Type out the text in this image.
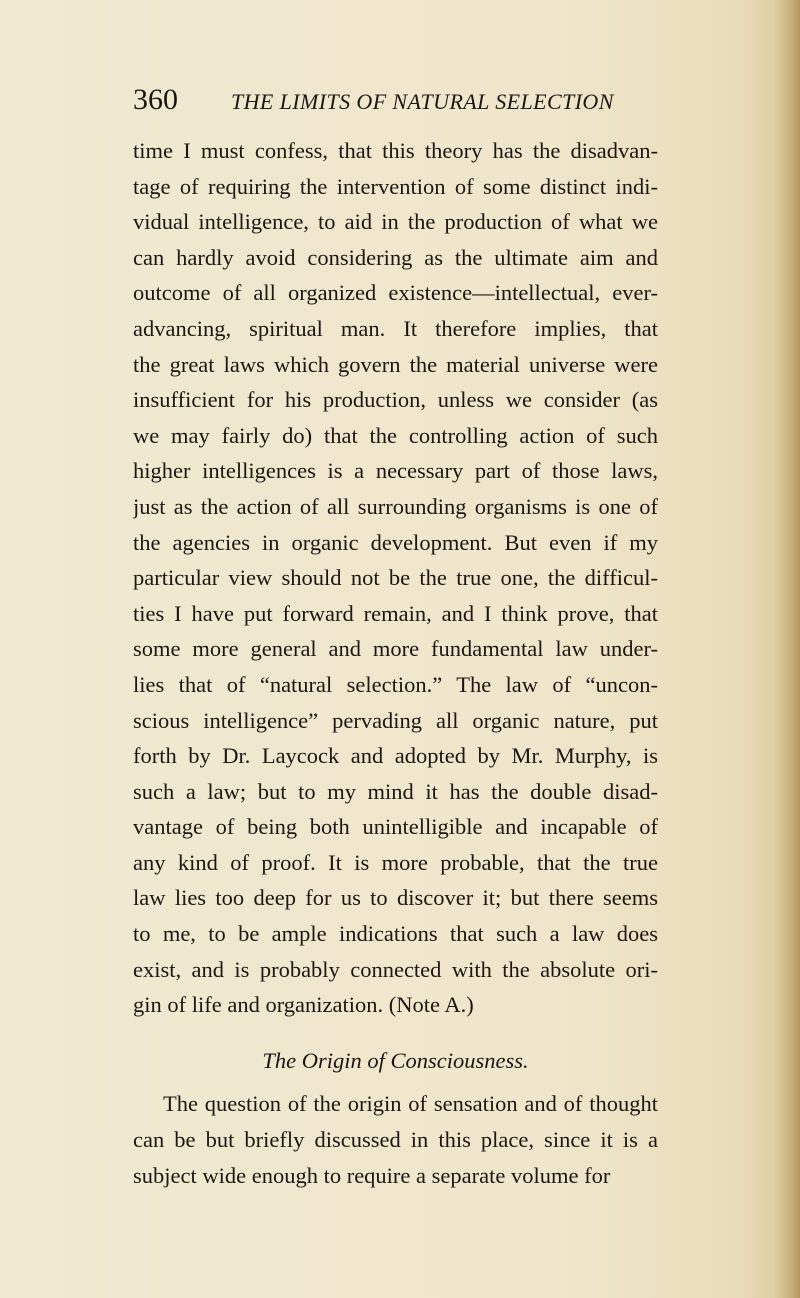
360 THE LIMITS OF NATURAL SELECTION
time I must confess, that this theory has the disadvan-
tage of requiring the intervention of some distinct indi-
vidual intelligence, to aid in the production of what we
can hardly avoid considering as the ultimate aim and
outcome of all organized existence—intellectual, ever-
advancing, spiritual man. It therefore implies, that
the great laws which govern the material universe were
insufficient for his production, unless we consider (as
we may fairly do) that the controlling action of such
higher intelligences is a necessary part of those laws,
just as the action of all surrounding organisms is one of
the agencies in organic development. But even if my
particular view should not be the true one, the difficul-
ties I have put forward remain, and I think prove, that
some more general and more fundamental law under-
lies that of “natural selection.” The law of “uncon-
scious intelligence” pervading all organic nature, put
forth by Dr. Laycock and adopted by Mr. Murphy, is
such a law; but to my mind it has the double disad-
vantage of being both unintelligible and incapable of
any kind of proof. It is more probable, that the true
law lies too deep for us to discover it; but there seems
to me, to be ample indications that such a law does
exist, and is probably connected with the absolute ori-
gin of life and organization. (Note A.)
The Origin of Consciousness.
The question of the origin of sensation and of thought
can be but briefly discussed in this place, since it is a
subject wide enough to require a separate volume for
